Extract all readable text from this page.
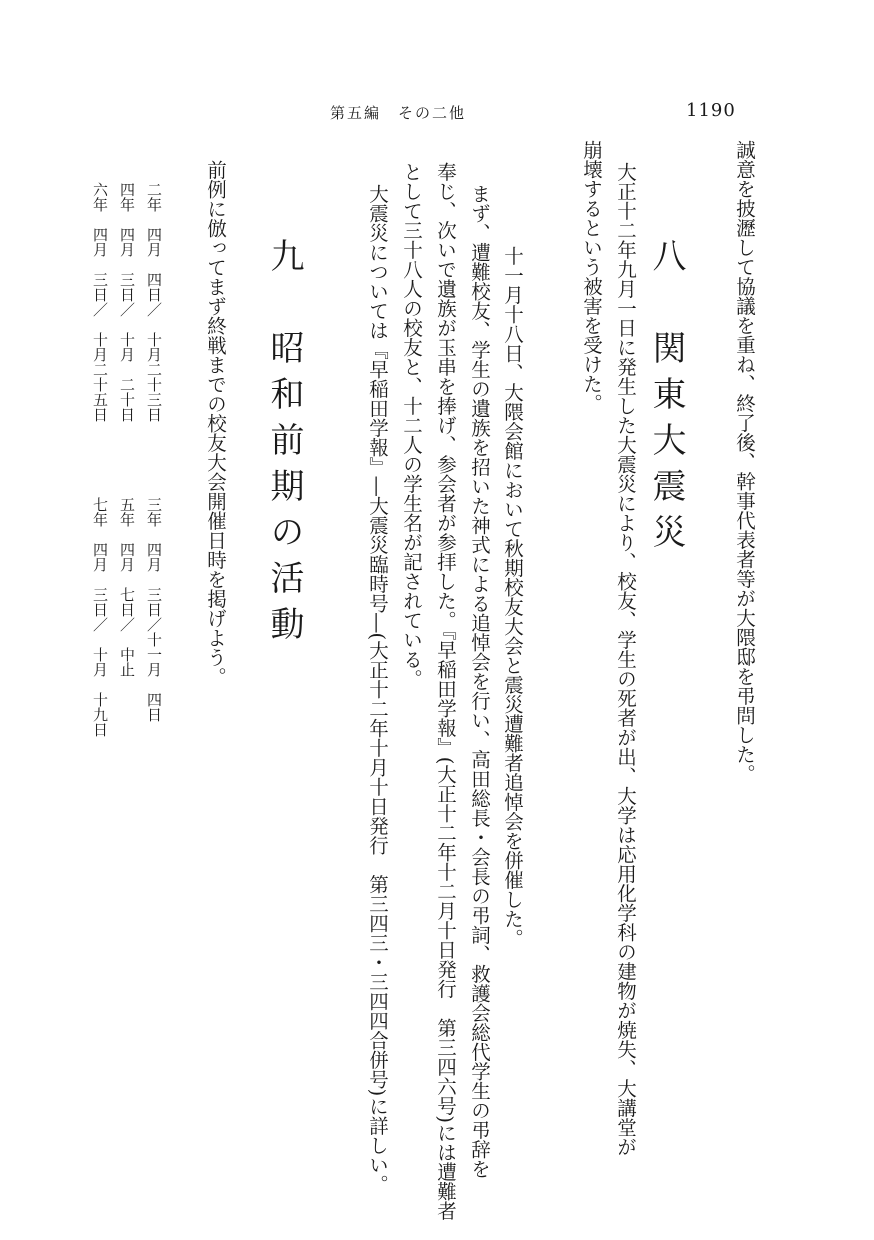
第五編　その二他	1190
誠意を披瀝して協議を重ね、終了後、幹事代表者等が大隈邸を弔問した。
八　関東大震災
大正十二年九月一日に発生した大震災により、校友、学生の死者が出、大学は応用化学科の建物が焼失、大講堂が
崩壊するという被害を受けた。
十一月十八日、大隈会館において秋期校友大会と震災遭難者追悼会を併催した。
まず、遭難校友、学生の遺族を招いた神式による追悼会を行い、高田総長・会長の弔詞、救護会総代学生の弔辞を
奉じ、次いで遺族が玉串を捧げ、参会者が参拝した。『早稲田学報』(大正十二年十二月十日発行　第三四六号)には遭難者
として三十八人の校友と、十二人の学生名が記されている。
大震災については『早稲田学報』―大震災臨時号―(大正十二年十月十日発行　第三四三・三四四合併号)に詳しい。
九　昭和前期の活動
前例に倣ってまず終戦までの校友大会開催日時を掲げよう。
二年　四月　四日／　十月二十三日　　　　　三年　四月　三日／十一月　四日
四年　四月　三日／　十月　二十日　　　　　五年　四月　七日／　中止
六年　四月　三日／　十月二十五日　　　　　七年　四月　三日／　十月　十九日
